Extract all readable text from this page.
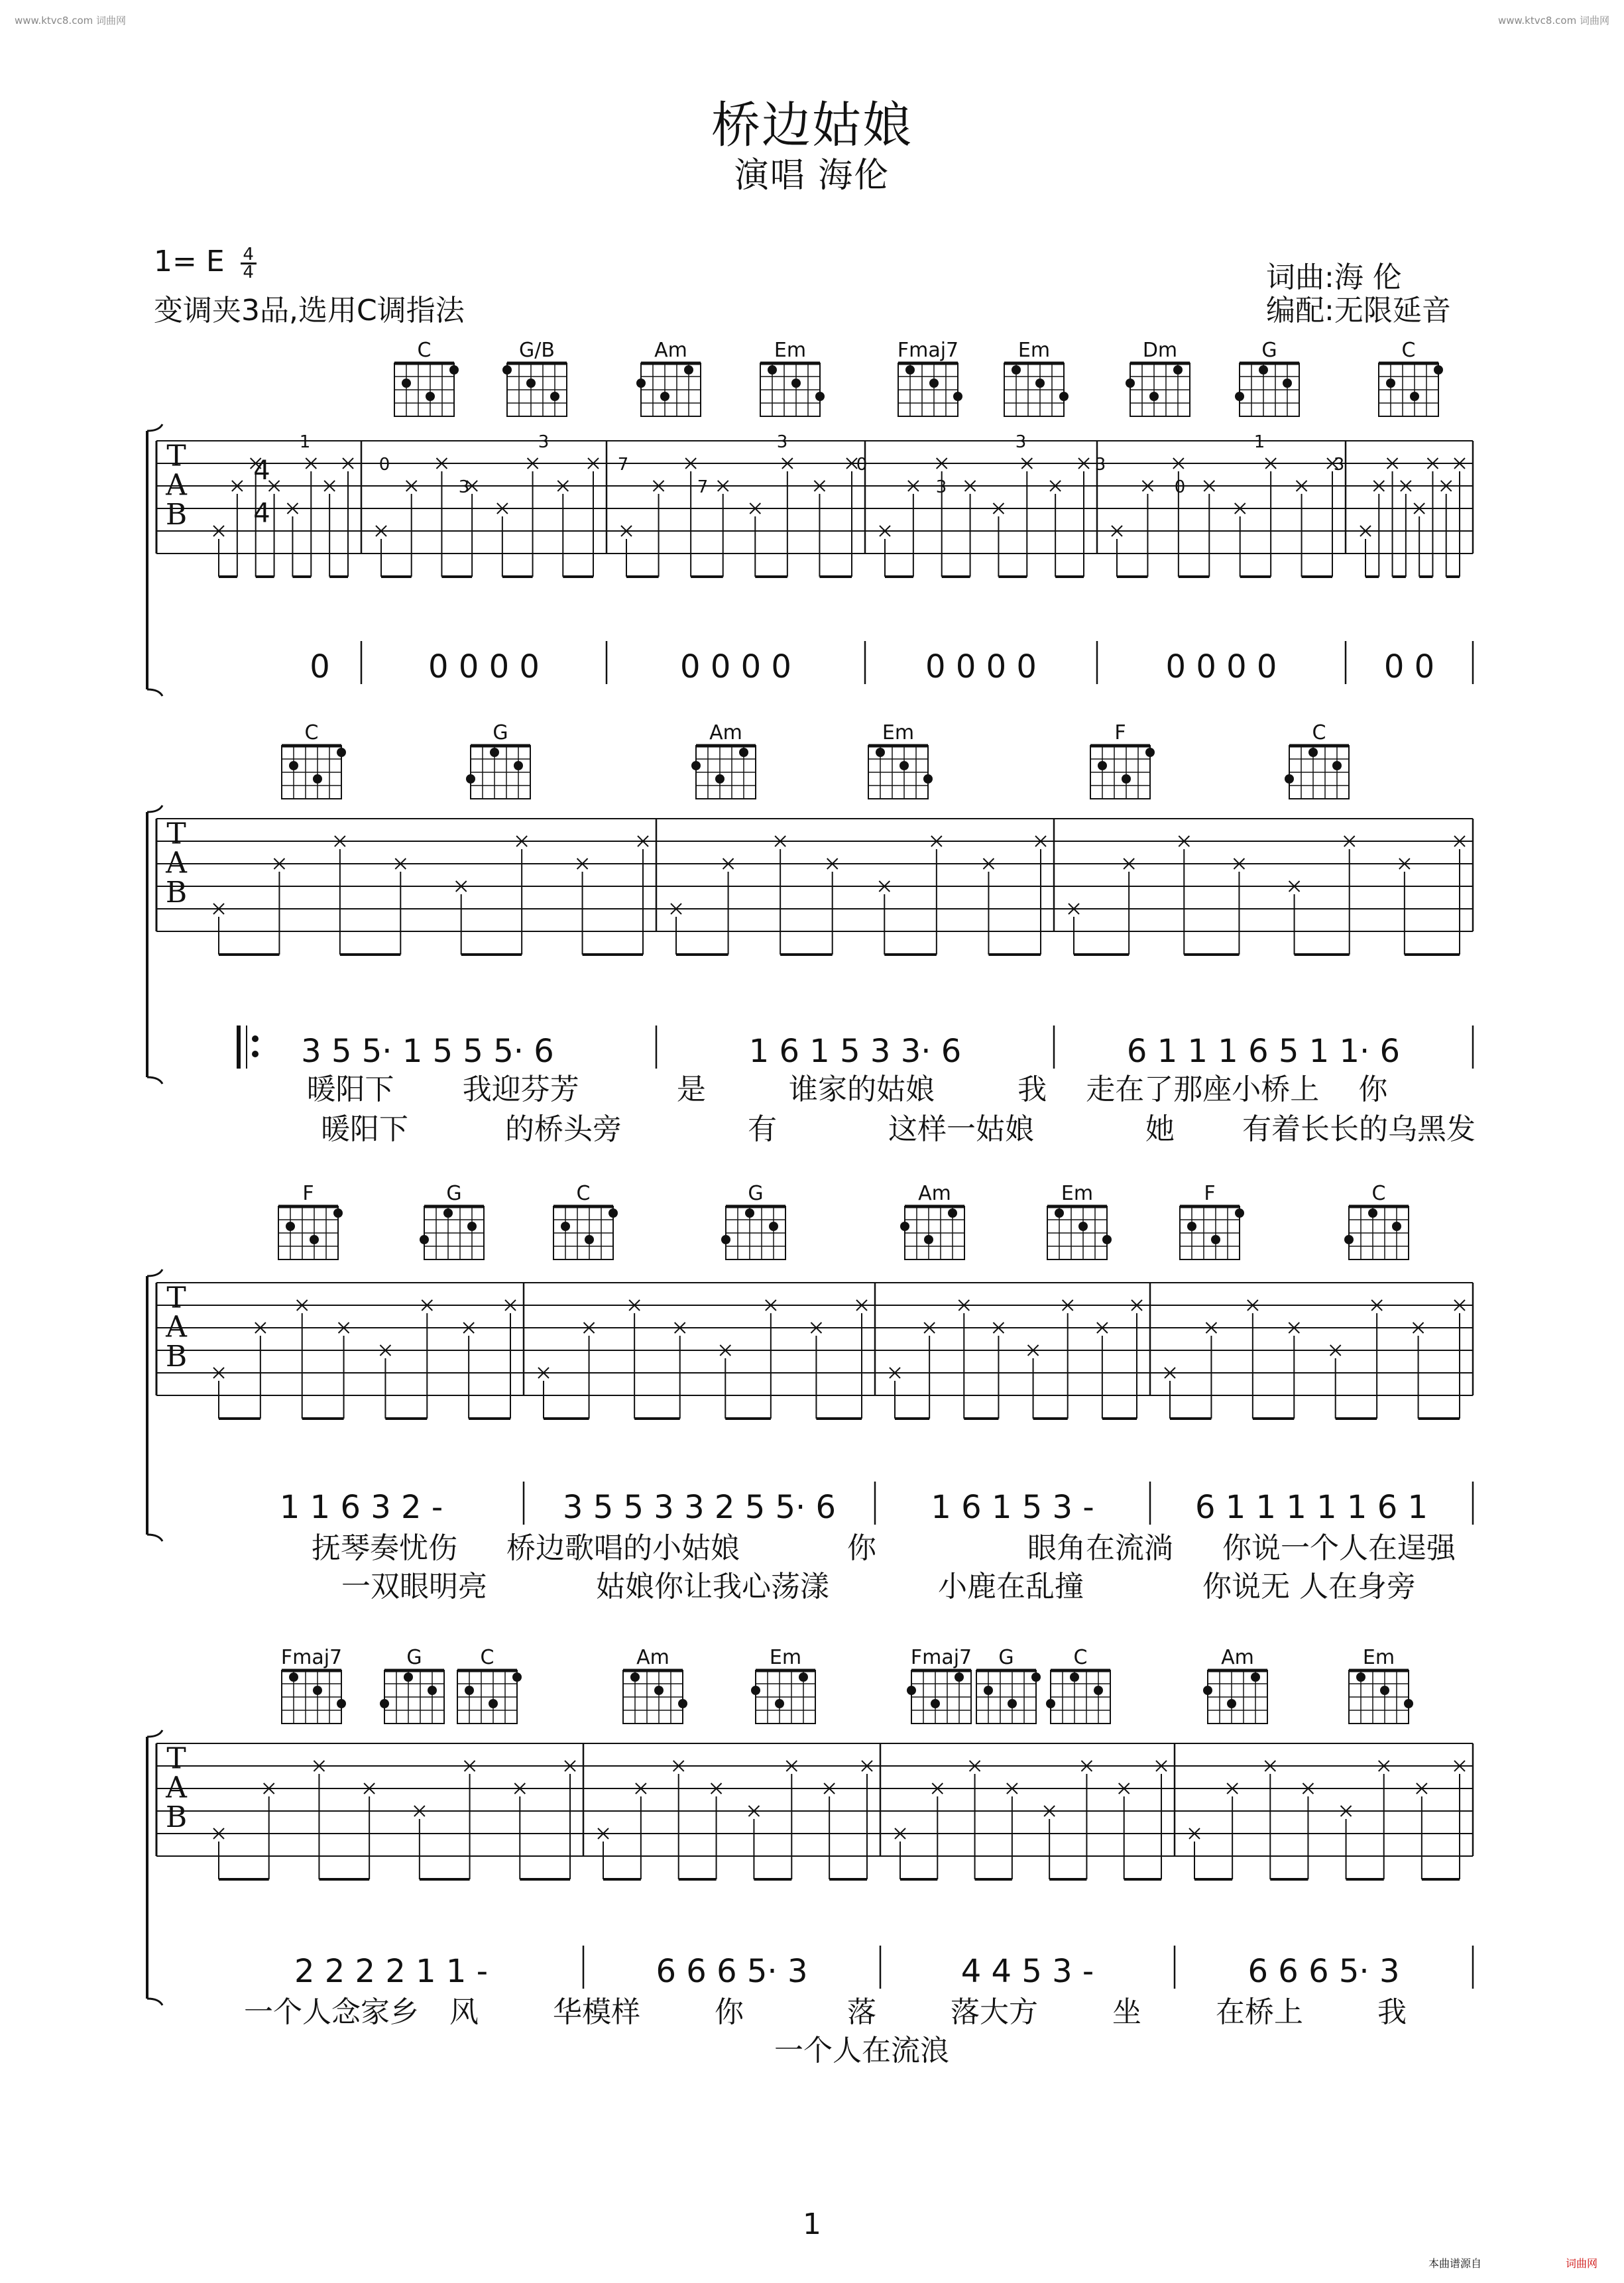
www.ktvc8.com 词曲网	www.ktvc8.com 词曲网
桥边姑娘
演唱 海伦
1= E $\frac{4}{4}$
变调夹3品,选用C调指法
词曲:海 伦
编配:无限延音
0	0 0 0 0	0 0 0 0	0 0 0 0	0 0 0 0	0 0
C	G/B	Am	Em	Fmaj7	Em	Dm	G	C
T
A
B
3 5 5· 1 5 5 5· 6	1 6 1 5 3 3· 6	6 1 1 1 6 5 1 1· 6
暖阳下 我迎芬芳	是	谁家的姑娘	我 走在了那座小桥上 你
暖阳下	的桥头旁	有	这样一姑娘	她 有着长长的乌黑发
C	G	Am	Em	F	C
T
A
B
1 1 6 3 2 -	3 5 5 3 3 2 5 5· 6	1 6 1 5 3 -	6 1 1 1 1 1 6 1
抚琴奏忧伤 桥边歌唱的小姑娘	你	眼角在流淌 你说一个人在逞强
一双眼明亮	姑娘你让我心荡漾	小鹿在乱撞	你说无 人在身旁
F	G	C	G	Am	Em	F	C
T
A
B
2 2 2 2 1 1 -	6 6 6 5· 3	4 4 5 3 -	6 6 6 5· 3
一个人念家乡 风	华模样	你	落	落大方	坐	在桥上	我
一个人在流浪
Fmaj7	G	C	Am	Em	Fmaj7 G	C	Am	Em
T
A
B
1
0
3
3
7
7
3
0
3
3
3
0
1
3
4
4
1
本曲谱源自	词曲网
